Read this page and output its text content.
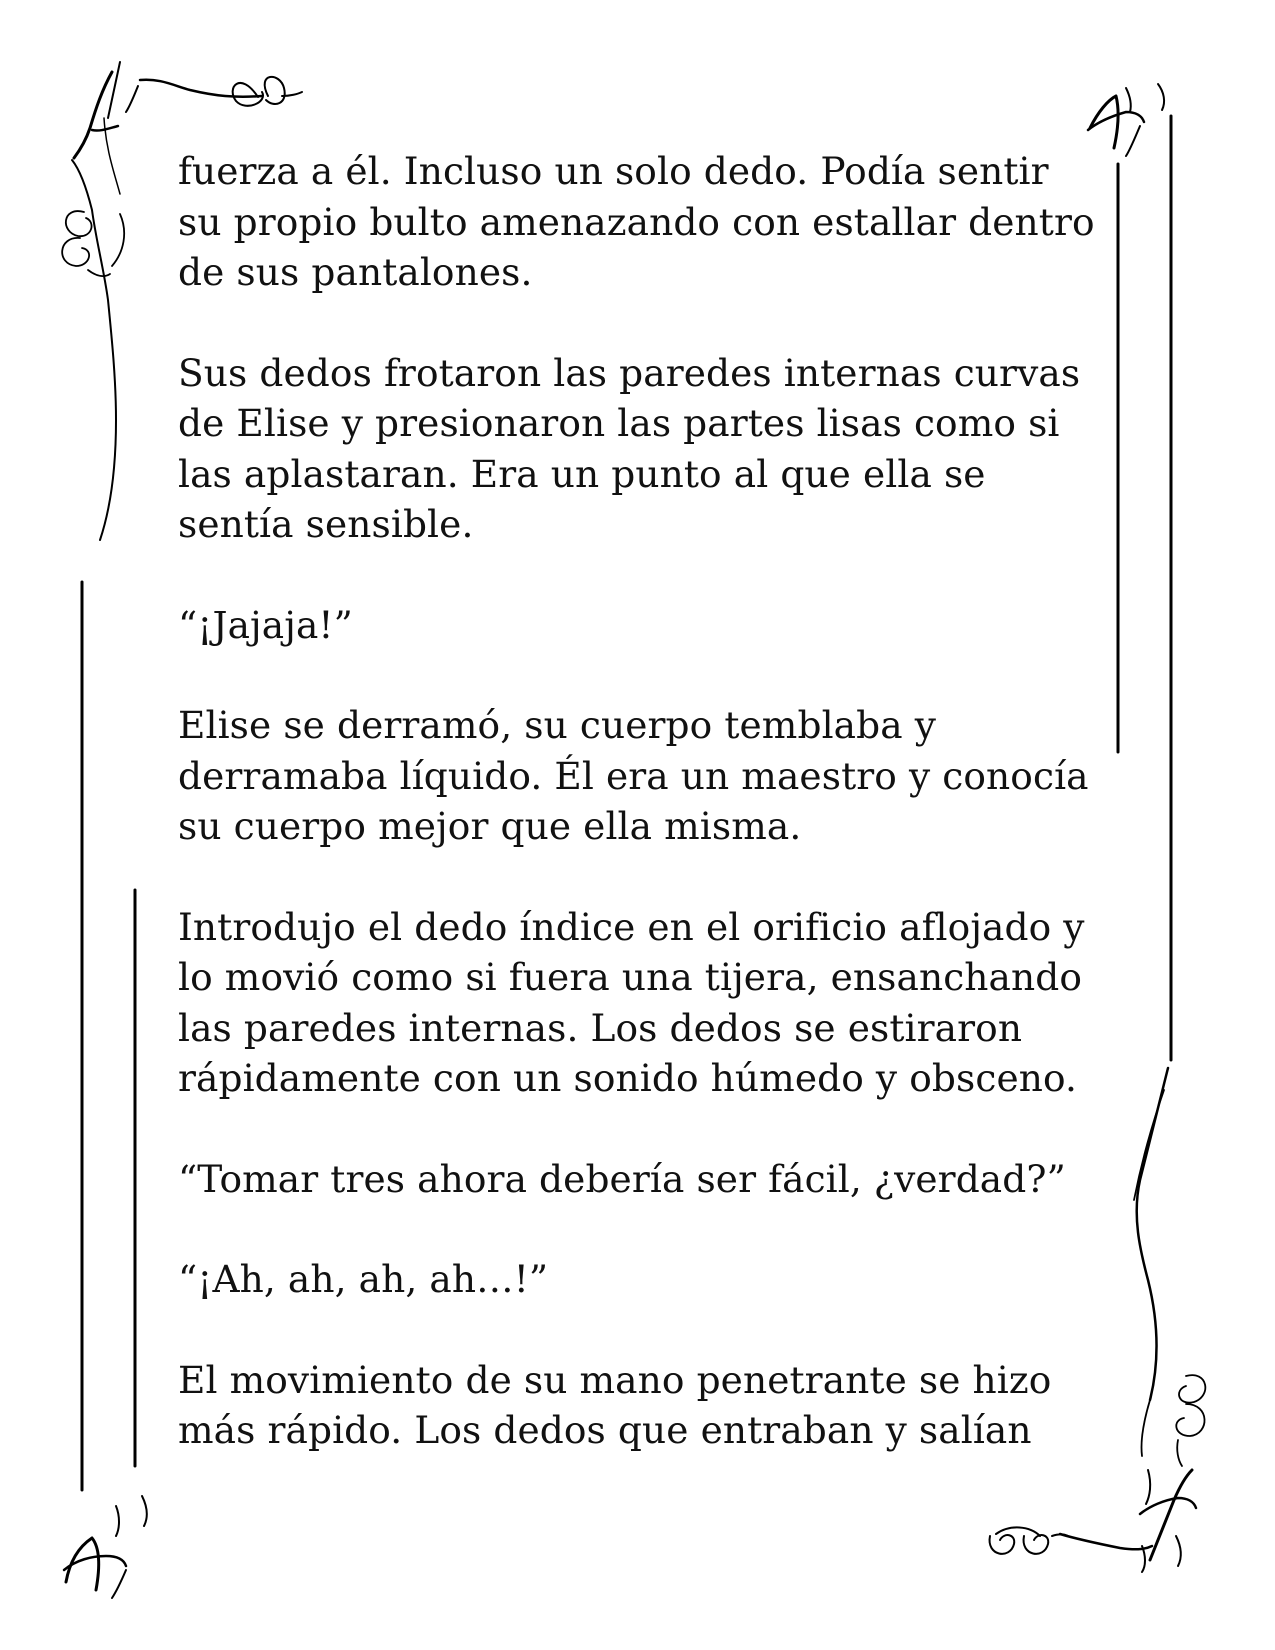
fuerza a él. Incluso un solo dedo. Podía sentir
su propio bulto amenazando con estallar dentro
de sus pantalones.

Sus dedos frotaron las paredes internas curvas
de Elise y presionaron las partes lisas como si
las aplastaran. Era un punto al que ella se
sentía sensible.

“¡Jajaja!”

Elise se derramó, su cuerpo temblaba y
derramaba líquido. Él era un maestro y conocía
su cuerpo mejor que ella misma.

Introdujo el dedo índice en el orificio aflojado y
lo movió como si fuera una tijera, ensanchando
las paredes internas. Los dedos se estiraron
rápidamente con un sonido húmedo y obsceno.

“Tomar tres ahora debería ser fácil, ¿verdad?”

“¡Ah, ah, ah, ah…!”

El movimiento de su mano penetrante se hizo
más rápido. Los dedos que entraban y salían
